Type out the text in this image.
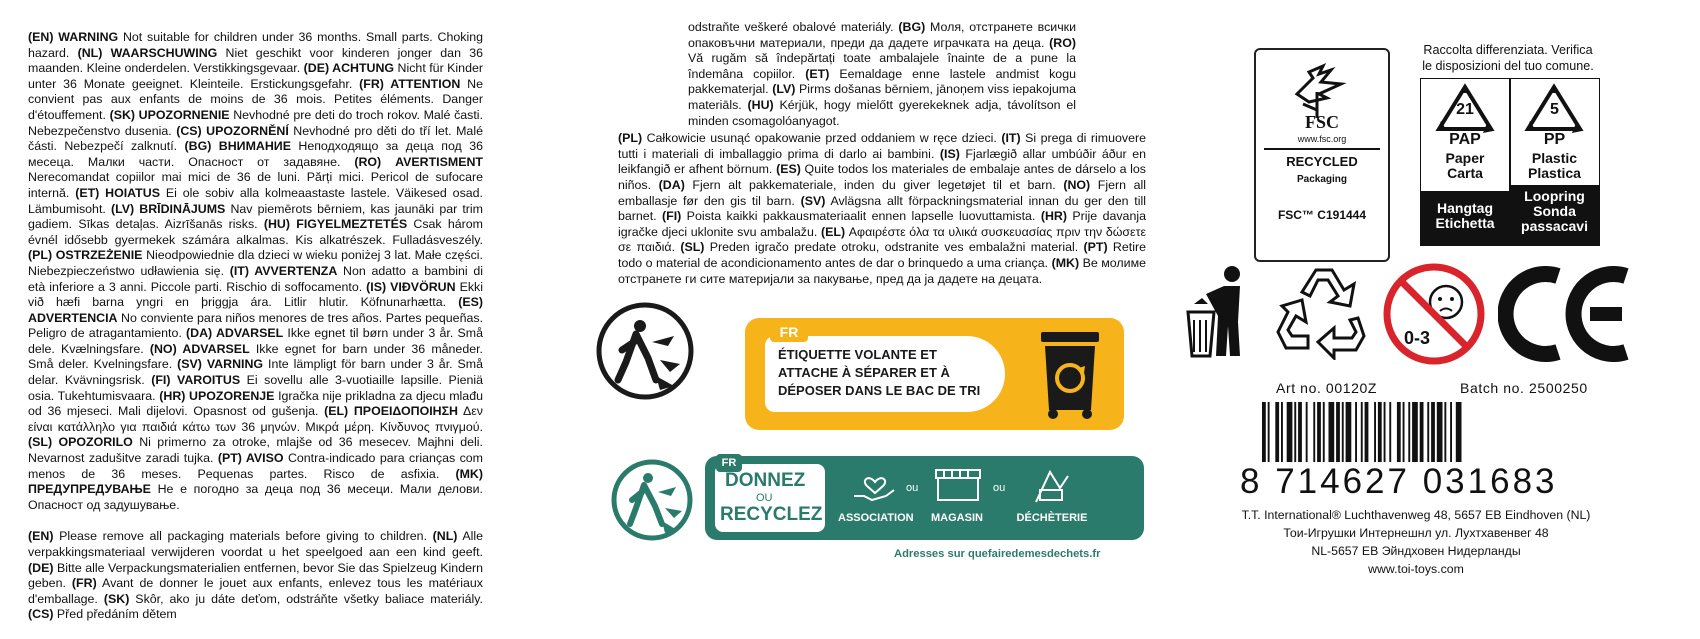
(EN) WARNING Not suitable for children under 36 months. Small parts. Choking hazard. (NL) WAARSCHUWING Niet geschikt voor kinderen jonger dan 36 maanden. Kleine onderdelen. Verstikkingsgevaar. (DE) ACHTUNG Nicht für Kinder unter 36 Monate geeignet. Kleinteile. Erstickungsgefahr. (FR) ATTENTION Ne convient pas aux enfants de moins de 36 mois. Petites éléments. Danger d'étouffement. (SK) UPOZORNENIE Nevhodné pre deti do troch rokov. Malé časti. Nebezpečenstvo dusenia. (CS) UPOZORNĚNÍ Nevhodné pro děti do tří let. Malé části. Nebezpečí zalknutí. (BG) ВНИМАНИЕ Неподходящо за деца под 36 месеца. Малки части. Опасност от задавяне. (RO) AVERTISMENT Nerecomandat copiilor mai mici de 36 de luni. Părți mici. Pericol de sufocare internă. (ET) HOIATUS Ei ole sobiv alla kolmeaastaste lastele. Väikesed osad. Lämbumisoht. (LV) BRĪDINĀJUMS Nav piemērots bērniem, kas jaunāki par trim gadiem. Sīkas detaļas. Aizrīšanās risks. (HU) FIGYELMEZTETÉS Csak három évnél idősebb gyermekek számára alkalmas. Kis alkatrészek. Fulladásveszély. (PL) OSTRZEŻENIE Nieodpowiednie dla dzieci w wieku poniżej 3 lat. Małe części. Niebezpieczeństwo udławienia się. (IT) AVVERTENZA Non adatto a bambini di età inferiore a 3 anni. Piccole parti. Rischio di soffocamento. (IS) VIÐVÖRUN Ekki við hæfi barna yngri en þriggja ára. Litlir hlutir. Köfnunarhætta. (ES) ADVERTENCIA No conviente para niños menores de tres años. Partes pequeñas. Peligro de atragantamiento. (DA) ADVARSEL Ikke egnet til børn under 3 år. Små dele. Kvælningsfare. (NO) ADVARSEL Ikke egnet for barn under 36 måneder. Små deler. Kvelningsfare. (SV) VARNING Inte lämpligt för barn under 3 år. Små delar. Kvävningsrisk. (FI) VAROITUS Ei sovellu alle 3-vuotiaille lapsille. Pieniä osia. Tukehtumisvaara. (HR) UPOZORENJE Igračka nije prikladna za djecu mlađu od 36 mjeseci. Mali dijelovi. Opasnost od gušenja. (EL) ΠΡΟΕΙΔΟΠΟΙΗΣΗ Δεν είναι κατάλληλο για παιδιά κάτω των 36 μηνών. Μικρά μέρη. Κίνδυνος πνιγμού. (SL) OPOZORILO Ni primerno za otroke, mlajše od 36 mesecev. Majhni deli. Nevarnost zadušitve zaradi tujka. (PT) AVISO Contra-indicado para crianças com menos de 36 meses. Pequenas partes. Risco de asfixia. (MK) ПРЕДУПРЕДУВАЊЕ Не е погодно за деца под 36 месеци. Мали делови. Опасност од задушување.

(EN) Please remove all packaging materials before giving to children. (NL) Alle verpakkingsmateriaal verwijderen voordat u het speelgoed aan een kind geeft. (DE) Bitte alle Verpackungsmaterialien entfernen, bevor Sie das Spielzeug Kindern geben. (FR) Avant de donner le jouet aux enfants, enlevez tous les matériaux d'emballage. (SK) Skôr, ako ju dáte deťom, odstráňte všetky baliace materiály. (CS) Před předáním dětem

odstraňte veškeré obalové materiály. (BG) Моля, отстранете всички опаковъчни материали, преди да дадете играчката на деца. (RO) Vă rugăm să îndepărtați toate ambalajele înainte de a pune la îndemâna copiilor. (ET) Eemaldage enne lastele andmist kogu pakkematerjal. (LV) Pirms došanas bērniem, jānoņem viss iepakojuma materiāls. (HU) Kérjük, hogy mielőtt gyerekeknek adja, távolítson el minden csomagolóanyagot.

(PL) Całkowicie usunąć opakowanie przed oddaniem w ręce dzieci. (IT) Si prega di rimuovere tutti i materiali di imballaggio prima di darlo ai bambini. (IS) Fjarlægið allar umbúðir áður en leikfangið er afhent börnum. (ES) Quite todos los materiales de embalaje antes de dárselo a los niños. (DA) Fjern alt pakkemateriale, inden du giver legetøjet til et barn. (NO) Fjern all emballasje før den gis til barn. (SV) Avlägsna allt förpackningsmaterial innan du ger den till barnet. (FI) Poista kaikki pakkausmateriaalit ennen lapselle luovuttamista. (HR) Prije davanja igračke djeci uklonite svu ambalažu. (EL) Αφαιρέστε όλα τα υλικά συσκευασίας πριν την δώσετε σε παιδιά. (SL) Preden igračo predate otroku, odstranite ves embalažni material. (PT) Retire todo o material de acondicionamento antes de dar o brinquedo a uma criança. (MK) Ве молиме отстранете ги сите материјали за пакување, пред да ја дадете на децата.

FR
ÉTIQUETTE VOLANTE ET
ATTACHE À SÉPARER ET À
DÉPOSER DANS LE BAC DE TRI
FR
DONNEZ
OU
RECYCLEZ ASSOCIATION	MAGASIN	DÉCHÈTERIE
ou	ou
Adresses sur quefairedemesdechets.fr
FSC
www.fsc.org
RECYCLED
Packaging
FSC™ C191444
Raccolta differenziata. Verifica
le disposizioni del tuo comune.
21
PAP
Paper
Carta
Hangtag
Etichetta
5
PP
Plastic
Plastica
Loopring
Sonda
passacavi
0-3
Art no. 00120Z	Batch no. 2500250
8 714627 031683
T.T. International® Luchthavenweg 48, 5657 EB Eindhoven (NL)
Тои-Игрушки Интернешнл ул. Лухтхавенвег 48
NL-5657 ЕВ Эйндховен Нидерланды
www.toi-toys.com
